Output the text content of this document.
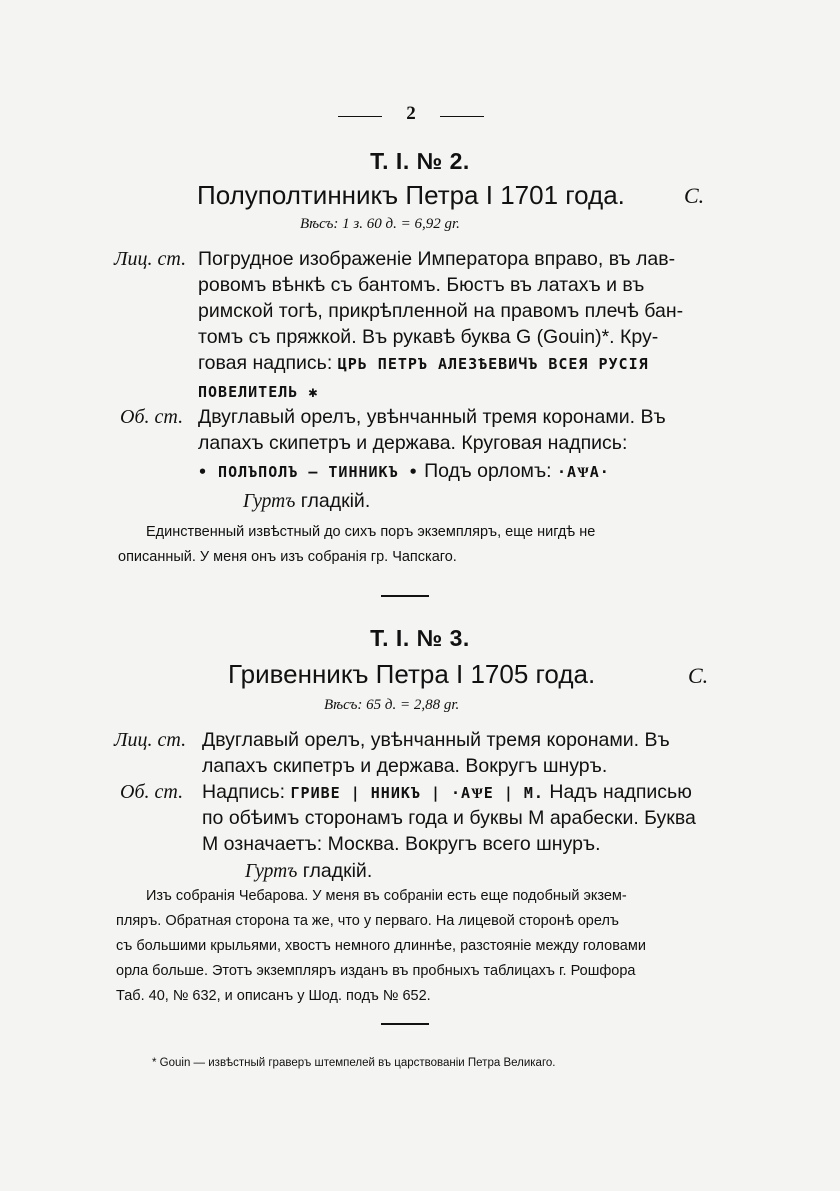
2
T. I. № 2.
Полуполтинникъ Петра I 1701 года.	C.
Вѣсъ: 1 з. 60 д. = 6,92 gr.
Лиц. ст. Погрудное изображеніе Императора вправо, въ лав-
ровомъ вѣнкѣ съ бантомъ. Бюстъ въ латахъ и въ
римской тогѣ, прикрѣпленной на правомъ плечѣ бан-
томъ съ пряжкой. Въ рукавѣ буква G (Gouin)*. Кру-
говая надпись: ЦРЬ ПЕТРЪ АЛЕЗѢЕВИЧЪ ВСЕЯ РУСІЯ
ПОВЕЛИТЕЛЬ ✱
Об. ст. Двуглавый орелъ, увѣнчанный тремя коронами. Въ
лапахъ скипетръ и держава. Круговая надпись:
• ПОЛЪПОЛЪ — ТИННИКЪ • Подъ орломъ: ·АѰА·
Гуртъ гладкій.
Единственный извѣстный до сихъ поръ экземпляръ, еще нигдѣ не
описанный. У меня онъ изъ собранія гр. Чапскаго.
T. I. № 3.
Гривенникъ Петра I 1705 года.	C.
Вѣсъ: 65 д. = 2,88 gr.
Лиц. ст. Двуглавый орелъ, увѣнчанный тремя коронами. Въ
лапахъ скипетръ и держава. Вокругъ шнуръ.
Об. ст. Надпись: ГРИВЕ | ННИКЪ | ·АѰЕ | М. Надъ надписью
по обѣимъ сторонамъ года и буквы М арабески. Буква
М означаетъ: Москва. Вокругъ всего шнуръ.
Гуртъ гладкій.
Изъ собранія Чебарова. У меня въ собраніи есть еще подобный экзем-
пляръ. Обратная сторона та же, что у перваго. На лицевой сторонѣ орелъ
съ большими крыльями, хвостъ немного длиннѣе, разстояніе между головами
орла больше. Этотъ экземпляръ изданъ въ пробныхъ таблицахъ г. Рошфора
Таб. 40, № 632, и описанъ у Шод. подъ № 652.
* Gouin — извѣстный граверъ штемпелей въ царствованіи Петра Великаго.
